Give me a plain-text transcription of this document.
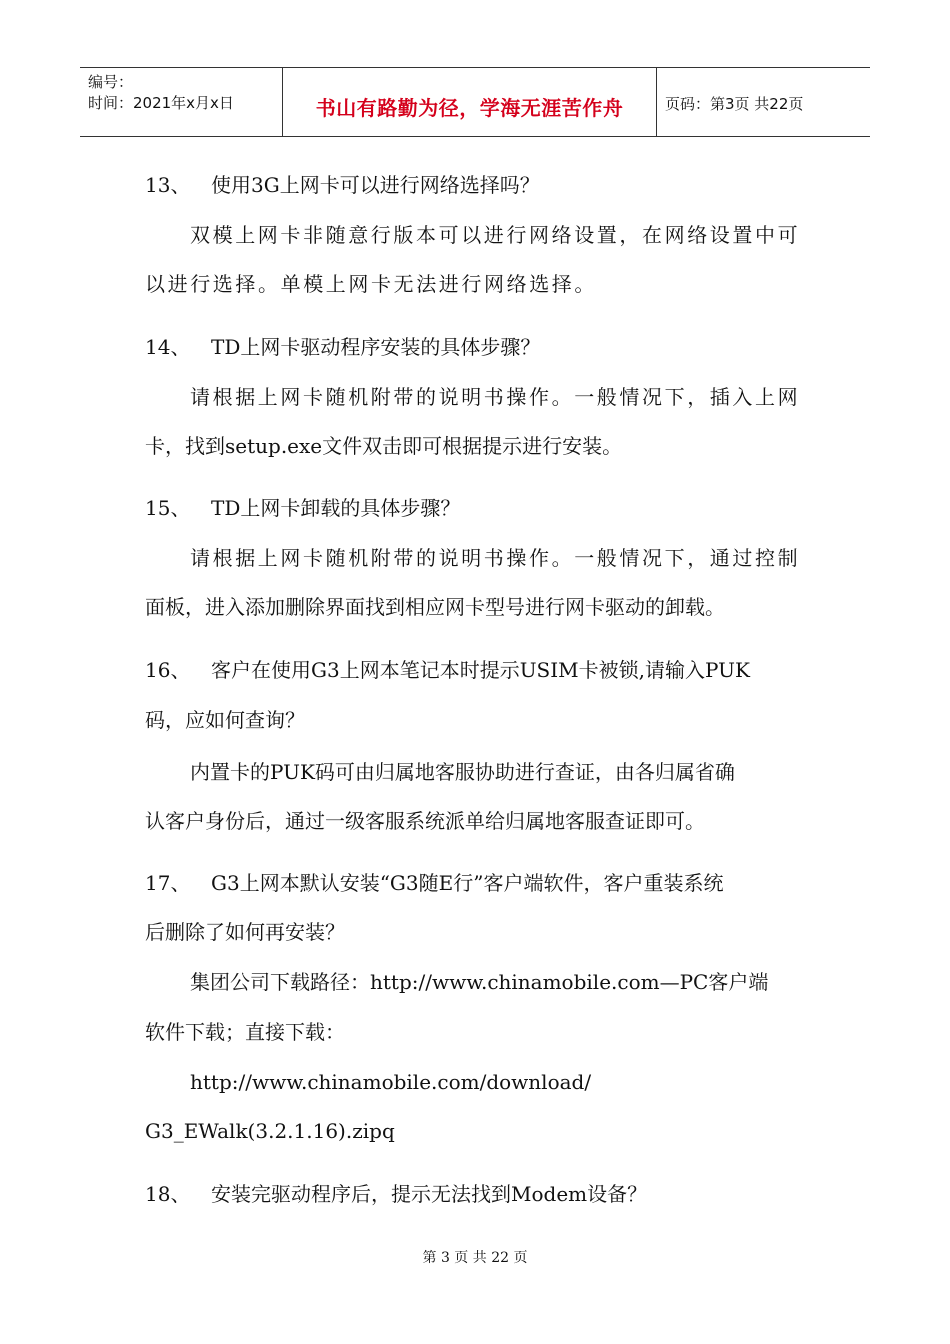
编号：
时间：2021年x月x日	书山有路勤为径，学海无涯苦作舟	页码：第3页 共22页
13、 使用3G上网卡可以进行网络选择吗？
双模上网卡非随意行版本可以进行网络设置，在网络设置中可
以进行选择。单模上网卡无法进行网络选择。
14、 TD上网卡驱动程序安装的具体步骤？
请根据上网卡随机附带的说明书操作。一般情况下，插入上网
卡，找到setup.exe文件双击即可根据提示进行安装。
15、 TD上网卡卸载的具体步骤？
请根据上网卡随机附带的说明书操作。一般情况下，通过控制
面板，进入添加删除界面找到相应网卡型号进行网卡驱动的卸载。
16、 客户在使用G3上网本笔记本时提示USIM卡被锁,请输入PUK
码，应如何查询？
内置卡的PUK码可由归属地客服协助进行查证，由各归属省确
认客户身份后，通过一级客服系统派单给归属地客服查证即可。
17、 G3上网本默认安装“G3随E行”客户端软件，客户重装系统
后删除了如何再安装？
集团公司下载路径：http://www.chinamobile.com—PC客户端
软件下载；直接下载：
http://www.chinamobile.com/download/
G3_EWalk(3.2.1.16).zipq
18、 安装完驱动程序后，提示无法找到Modem设备？
第 3 页 共 22 页
